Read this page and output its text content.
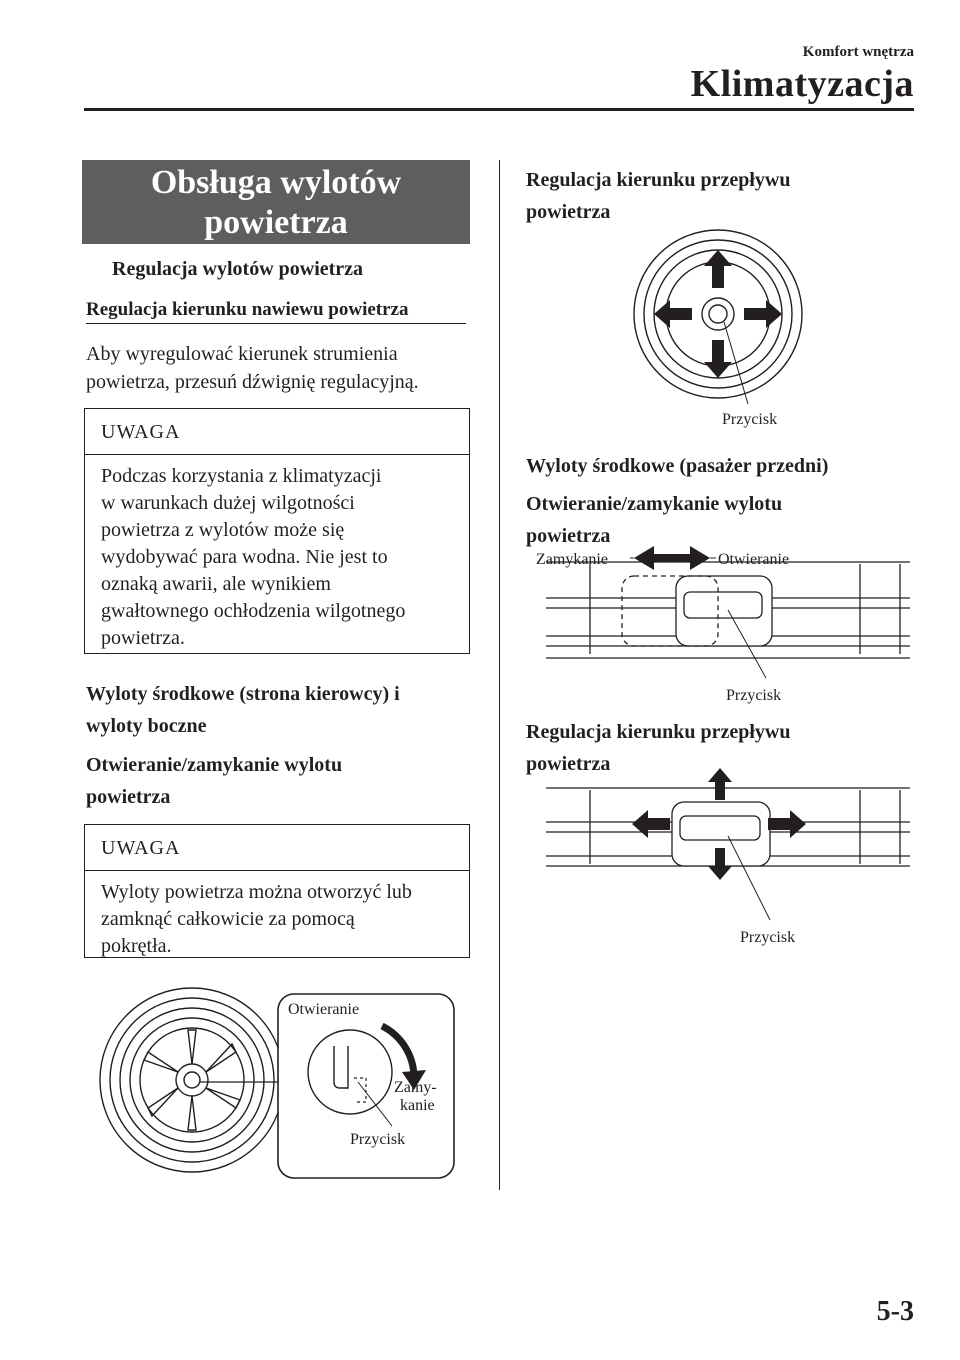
Komfort wnętrza
Klimatyzacja
Obsługa wylotów
powietrza
Regulacja wylotów powietrza
Regulacja kierunku nawiewu powietrza
Aby wyregulować kierunek strumienia
powietrza, przesuń dźwignię regulacyjną.
UWAGA
Podczas korzystania z klimatyzacji
w warunkach dużej wilgotności
powietrza z wylotów może się
wydobywać para wodna. Nie jest to
oznaką awarii, ale wynikiem
gwałtownego ochłodzenia wilgotnego
powietrza.
Wyloty środkowe (strona kierowcy) i
wyloty boczne
Otwieranie/zamykanie wylotu
powietrza
UWAGA
Wyloty powietrza można otworzyć lub
zamknąć całkowicie za pomocą
pokrętła.
Otwieranie
Zamy-
kanie
Przycisk
Regulacja kierunku przepływu
powietrza
Przycisk
Wyloty środkowe (pasażer przedni)
Otwieranie/zamykanie wylotu
powietrza
Zamykanie	Otwieranie
Przycisk
Regulacja kierunku przepływu
powietrza
Przycisk
5-3
